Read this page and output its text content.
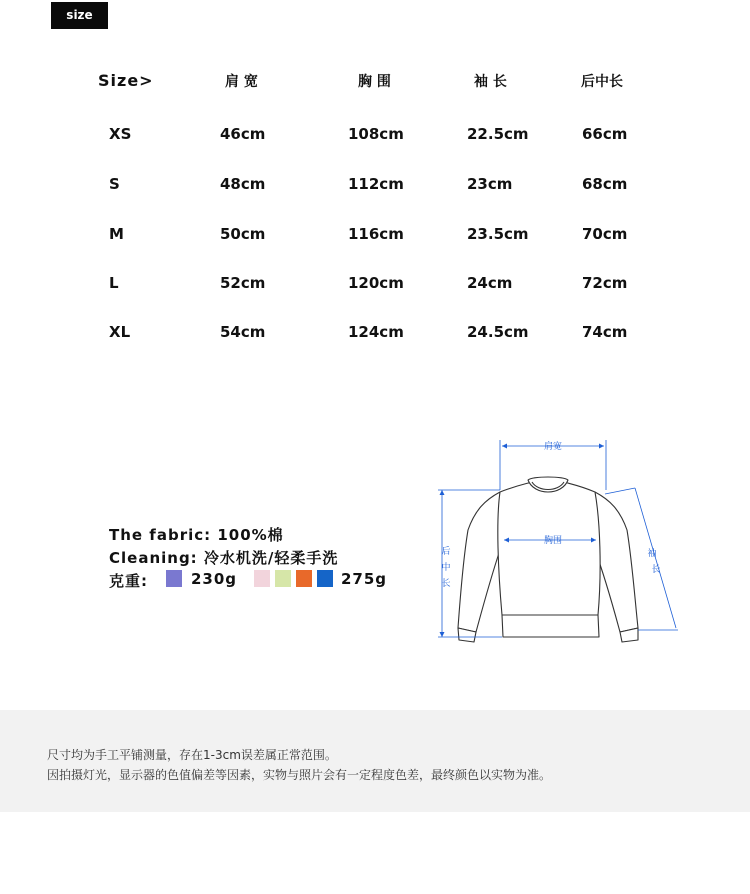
size
Size>	肩 宽	胸 围	袖 长	后中长
XS	46cm	108cm	22.5cm	66cm
S	48cm	112cm	23cm	68cm
M	50cm	116cm	23.5cm	70cm
L	52cm	120cm	24cm	72cm
XL	54cm	124cm	24.5cm	74cm
The fabric: 100%棉
Cleaning: 冷水机洗/轻柔手洗
克重:	230g	275g
肩宽
胸围
后
中
长
袖
长
尺寸均为手工平铺测量，存在1-3cm误差属正常范围。
因拍摄灯光，显示器的色值偏差等因素，实物与照片会有一定程度色差，最终颜色以实物为准。
